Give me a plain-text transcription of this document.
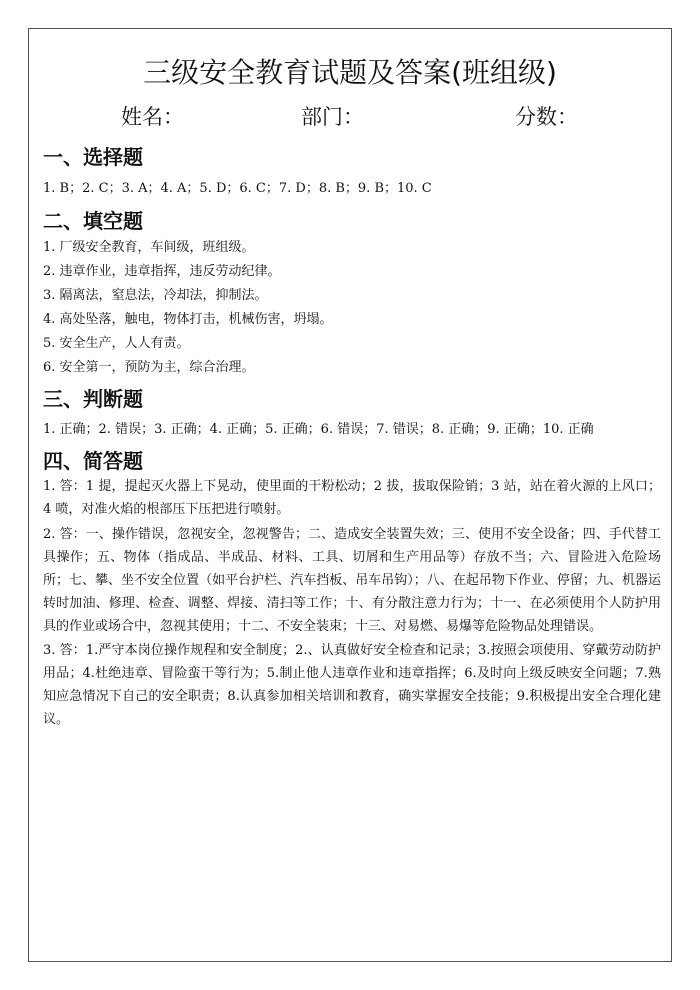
三级安全教育试题及答案(班组级)
姓名：	部门：	分数：
一、选择题
1. B；2. C；3. A；4. A；5. D；6. C；7. D；8. B；9. B；10. C
二、填空题
1. 厂级安全教育，车间级，班组级。
2. 违章作业，违章指挥，违反劳动纪律。
3. 隔离法，窒息法，冷却法，抑制法。
4. 高处坠落，触电，物体打击，机械伤害，坍塌。
5. 安全生产，人人有责。
6. 安全第一，预防为主，综合治理。
三、判断题
1. 正确；2. 错误；3. 正确；4. 正确；5. 正确；6. 错误；7. 错误；8. 正确；9. 正确；10. 正确
四、简答题
1. 答：1 提，提起灭火器上下晃动，使里面的干粉松动；2 拔，拔取保险销；3 站，站在着火源的上风口；4 喷，对准火焰的根部压下压把进行喷射。
2. 答：一、操作错误，忽视安全，忽视警告；二、造成安全装置失效；三、使用不安全设备；四、手代替工具操作；五、物体（指成品、半成品、材料、工具、切屑和生产用品等）存放不当；六、冒险进入危险场所；七、攀、坐不安全位置（如平台护栏、汽车挡板、吊车吊钩）；八、在起吊物下作业、停留；九、机器运转时加油、修理、检查、调整、焊接、清扫等工作；十、有分散注意力行为；十一、在必须使用个人防护用具的作业或场合中，忽视其使用；十二、不安全装束；十三、对易燃、易爆等危险物品处理错误。
3. 答：1.严守本岗位操作规程和安全制度；2.、认真做好安全检查和记录；3.按照会项使用、穿戴劳动防护用品；4.杜绝违章、冒险蛮干等行为；5.制止他人违章作业和违章指挥；6.及时向上级反映安全问题；7.熟知应急情况下自己的安全职责；8.认真参加相关培训和教育，确实掌握安全技能；9.积极提出安全合理化建议。
